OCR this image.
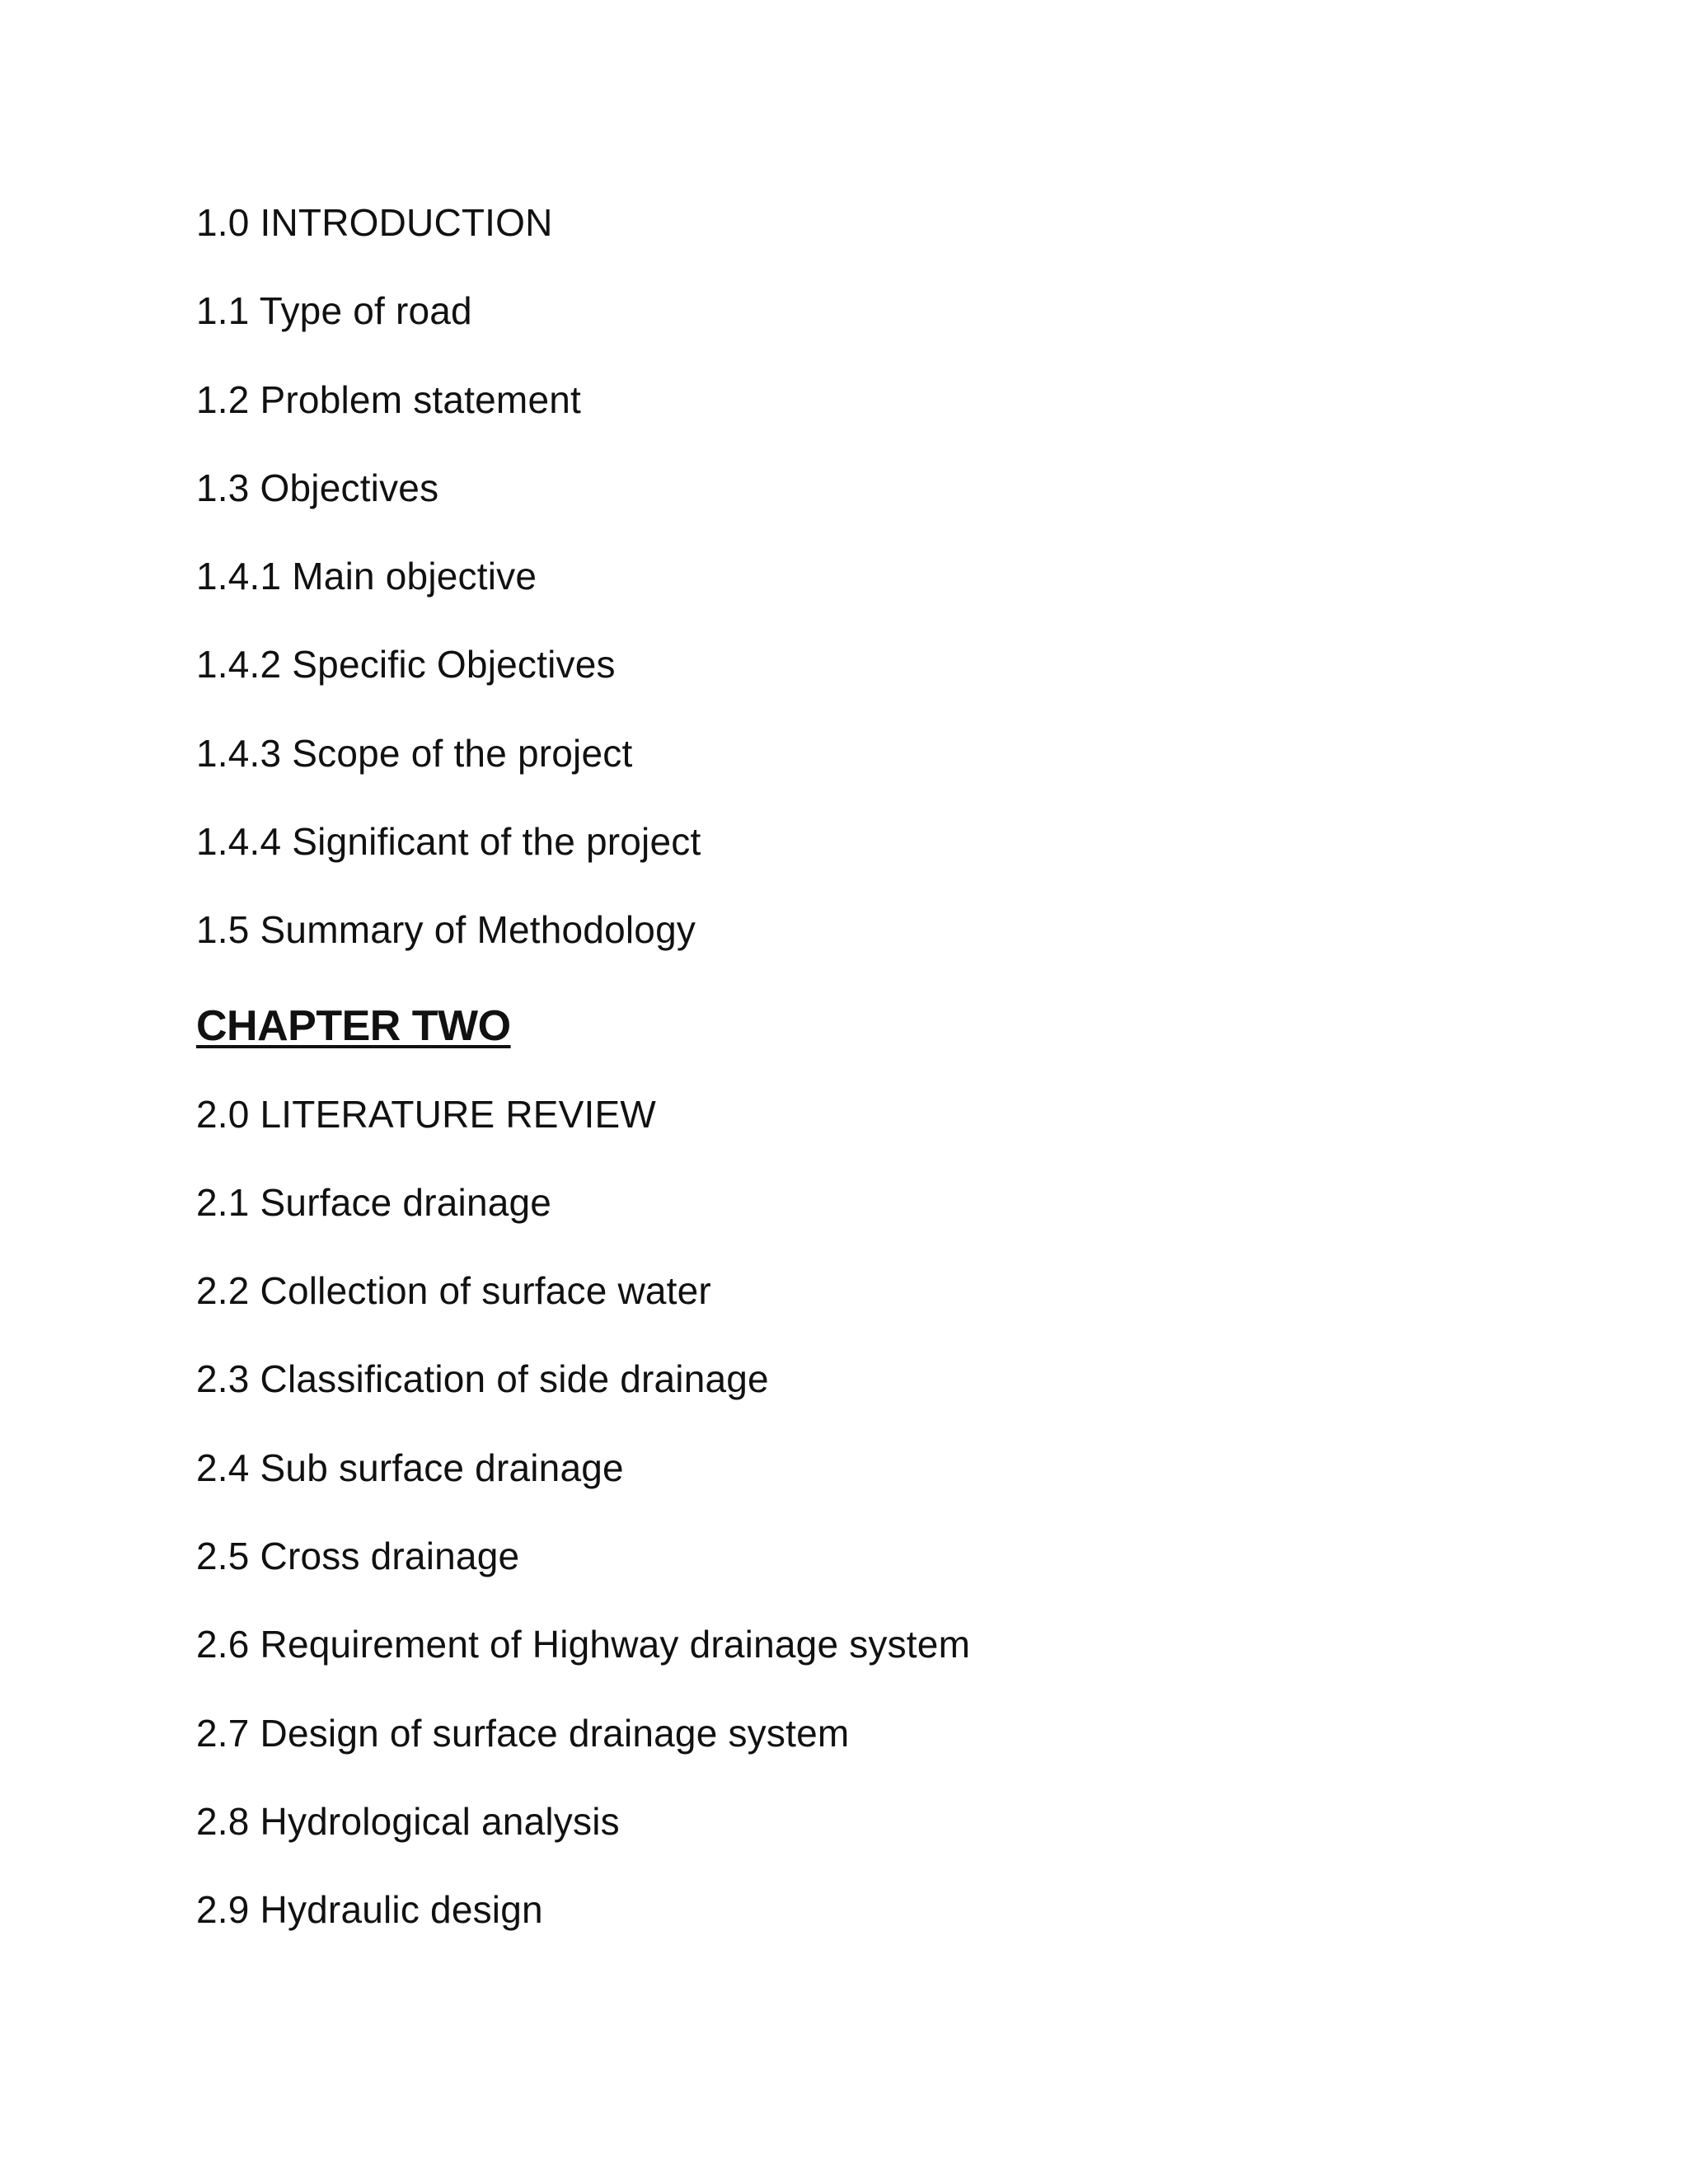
1.0 INTRODUCTION
1.1 Type of road
1.2 Problem statement
1.3 Objectives
1.4.1 Main objective
1.4.2 Specific Objectives
1.4.3 Scope of the project
1.4.4 Significant of the project
1.5 Summary of Methodology
CHAPTER TWO
2.0 LITERATURE REVIEW
2.1 Surface drainage
2.2 Collection of surface water
2.3 Classification of side drainage
2.4 Sub surface drainage
2.5 Cross drainage
2.6 Requirement of Highway drainage system
2.7 Design of surface drainage system
2.8 Hydrological analysis
2.9 Hydraulic design
